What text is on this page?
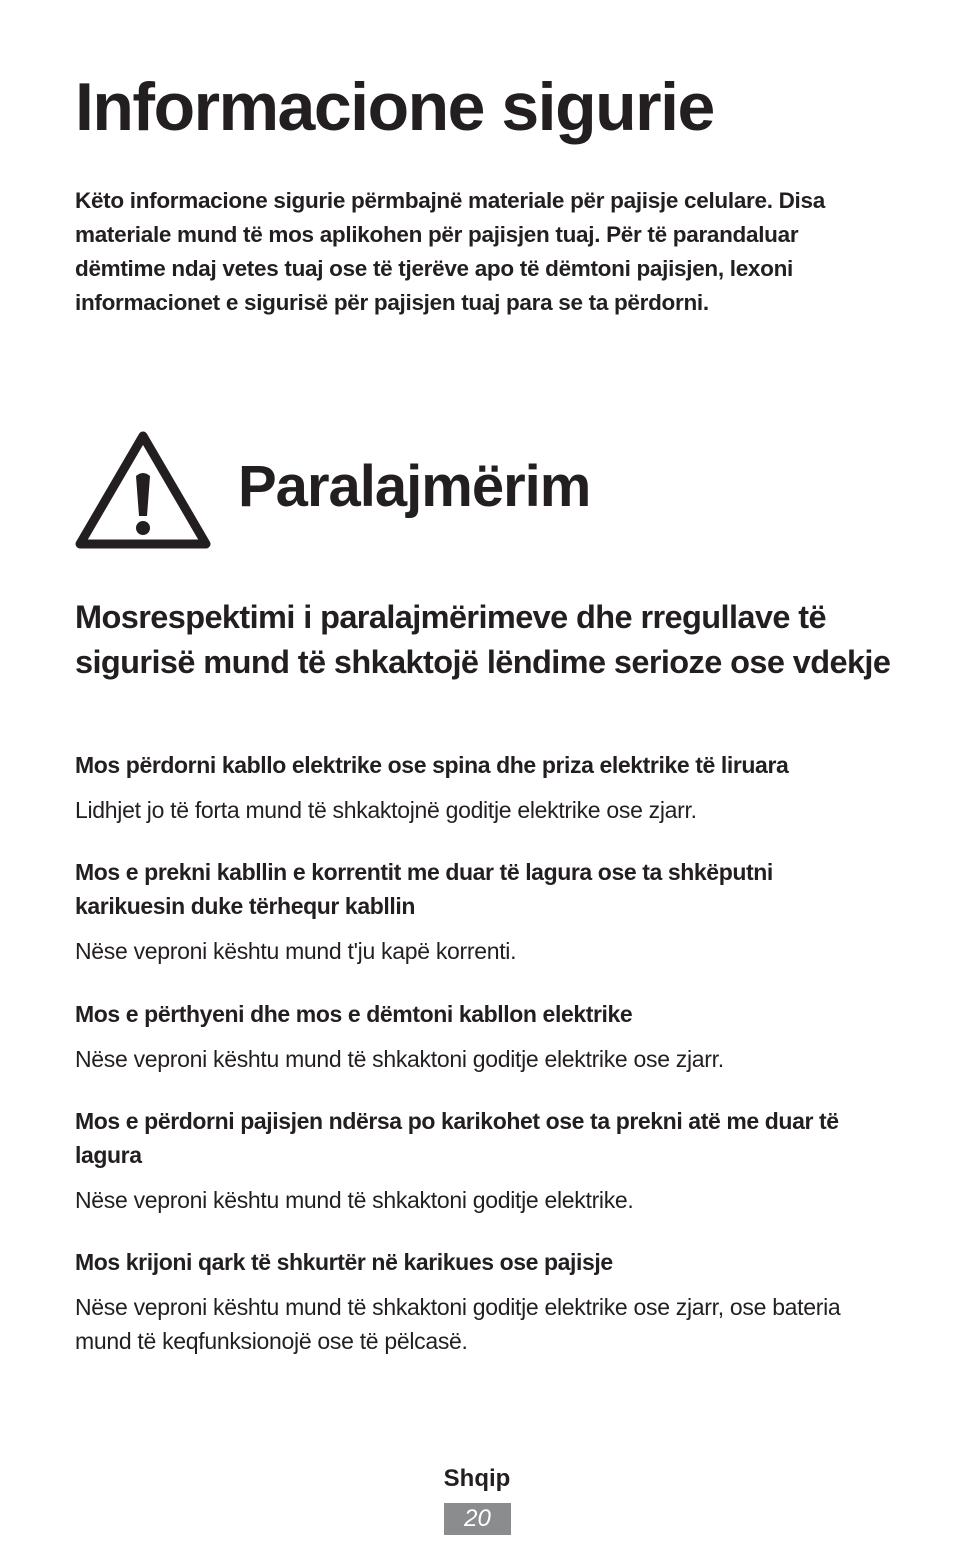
Informacione sigurie

Këto informacione sigurie përmbajnë materiale për pajisje celulare. Disa materiale mund të mos aplikohen për pajisjen tuaj. Për të parandaluar dëmtime ndaj vetes tuaj ose të tjerëve apo të dëmtoni pajisjen, lexoni informacionet e sigurisë për pajisjen tuaj para se ta përdorni.

Paralajmërim
Mosrespektimi i paralajmërimeve dhe rregullave të sigurisë mund të shkaktojë lëndime serioze ose vdekje

Mos përdorni kabllo elektrike ose spina dhe priza elektrike të liruara

Lidhjet jo të forta mund të shkaktojnë goditje elektrike ose zjarr.

Mos e prekni kabllin e korrentit me duar të lagura ose ta shkëputni karikuesin duke tërhequr kabllin

Nëse veproni kështu mund t'ju kapë korrenti.

Mos e përthyeni dhe mos e dëmtoni kabllon elektrike

Nëse veproni kështu mund të shkaktoni goditje elektrike ose zjarr.

Mos e përdorni pajisjen ndërsa po karikohet ose ta prekni atë me duar të lagura

Nëse veproni kështu mund të shkaktoni goditje elektrike.

Mos krijoni qark të shkurtër në karikues ose pajisje

Nëse veproni kështu mund të shkaktoni goditje elektrike ose zjarr, ose bateria mund të keqfunksionojë ose të pëlcasë.

Shqip
20
